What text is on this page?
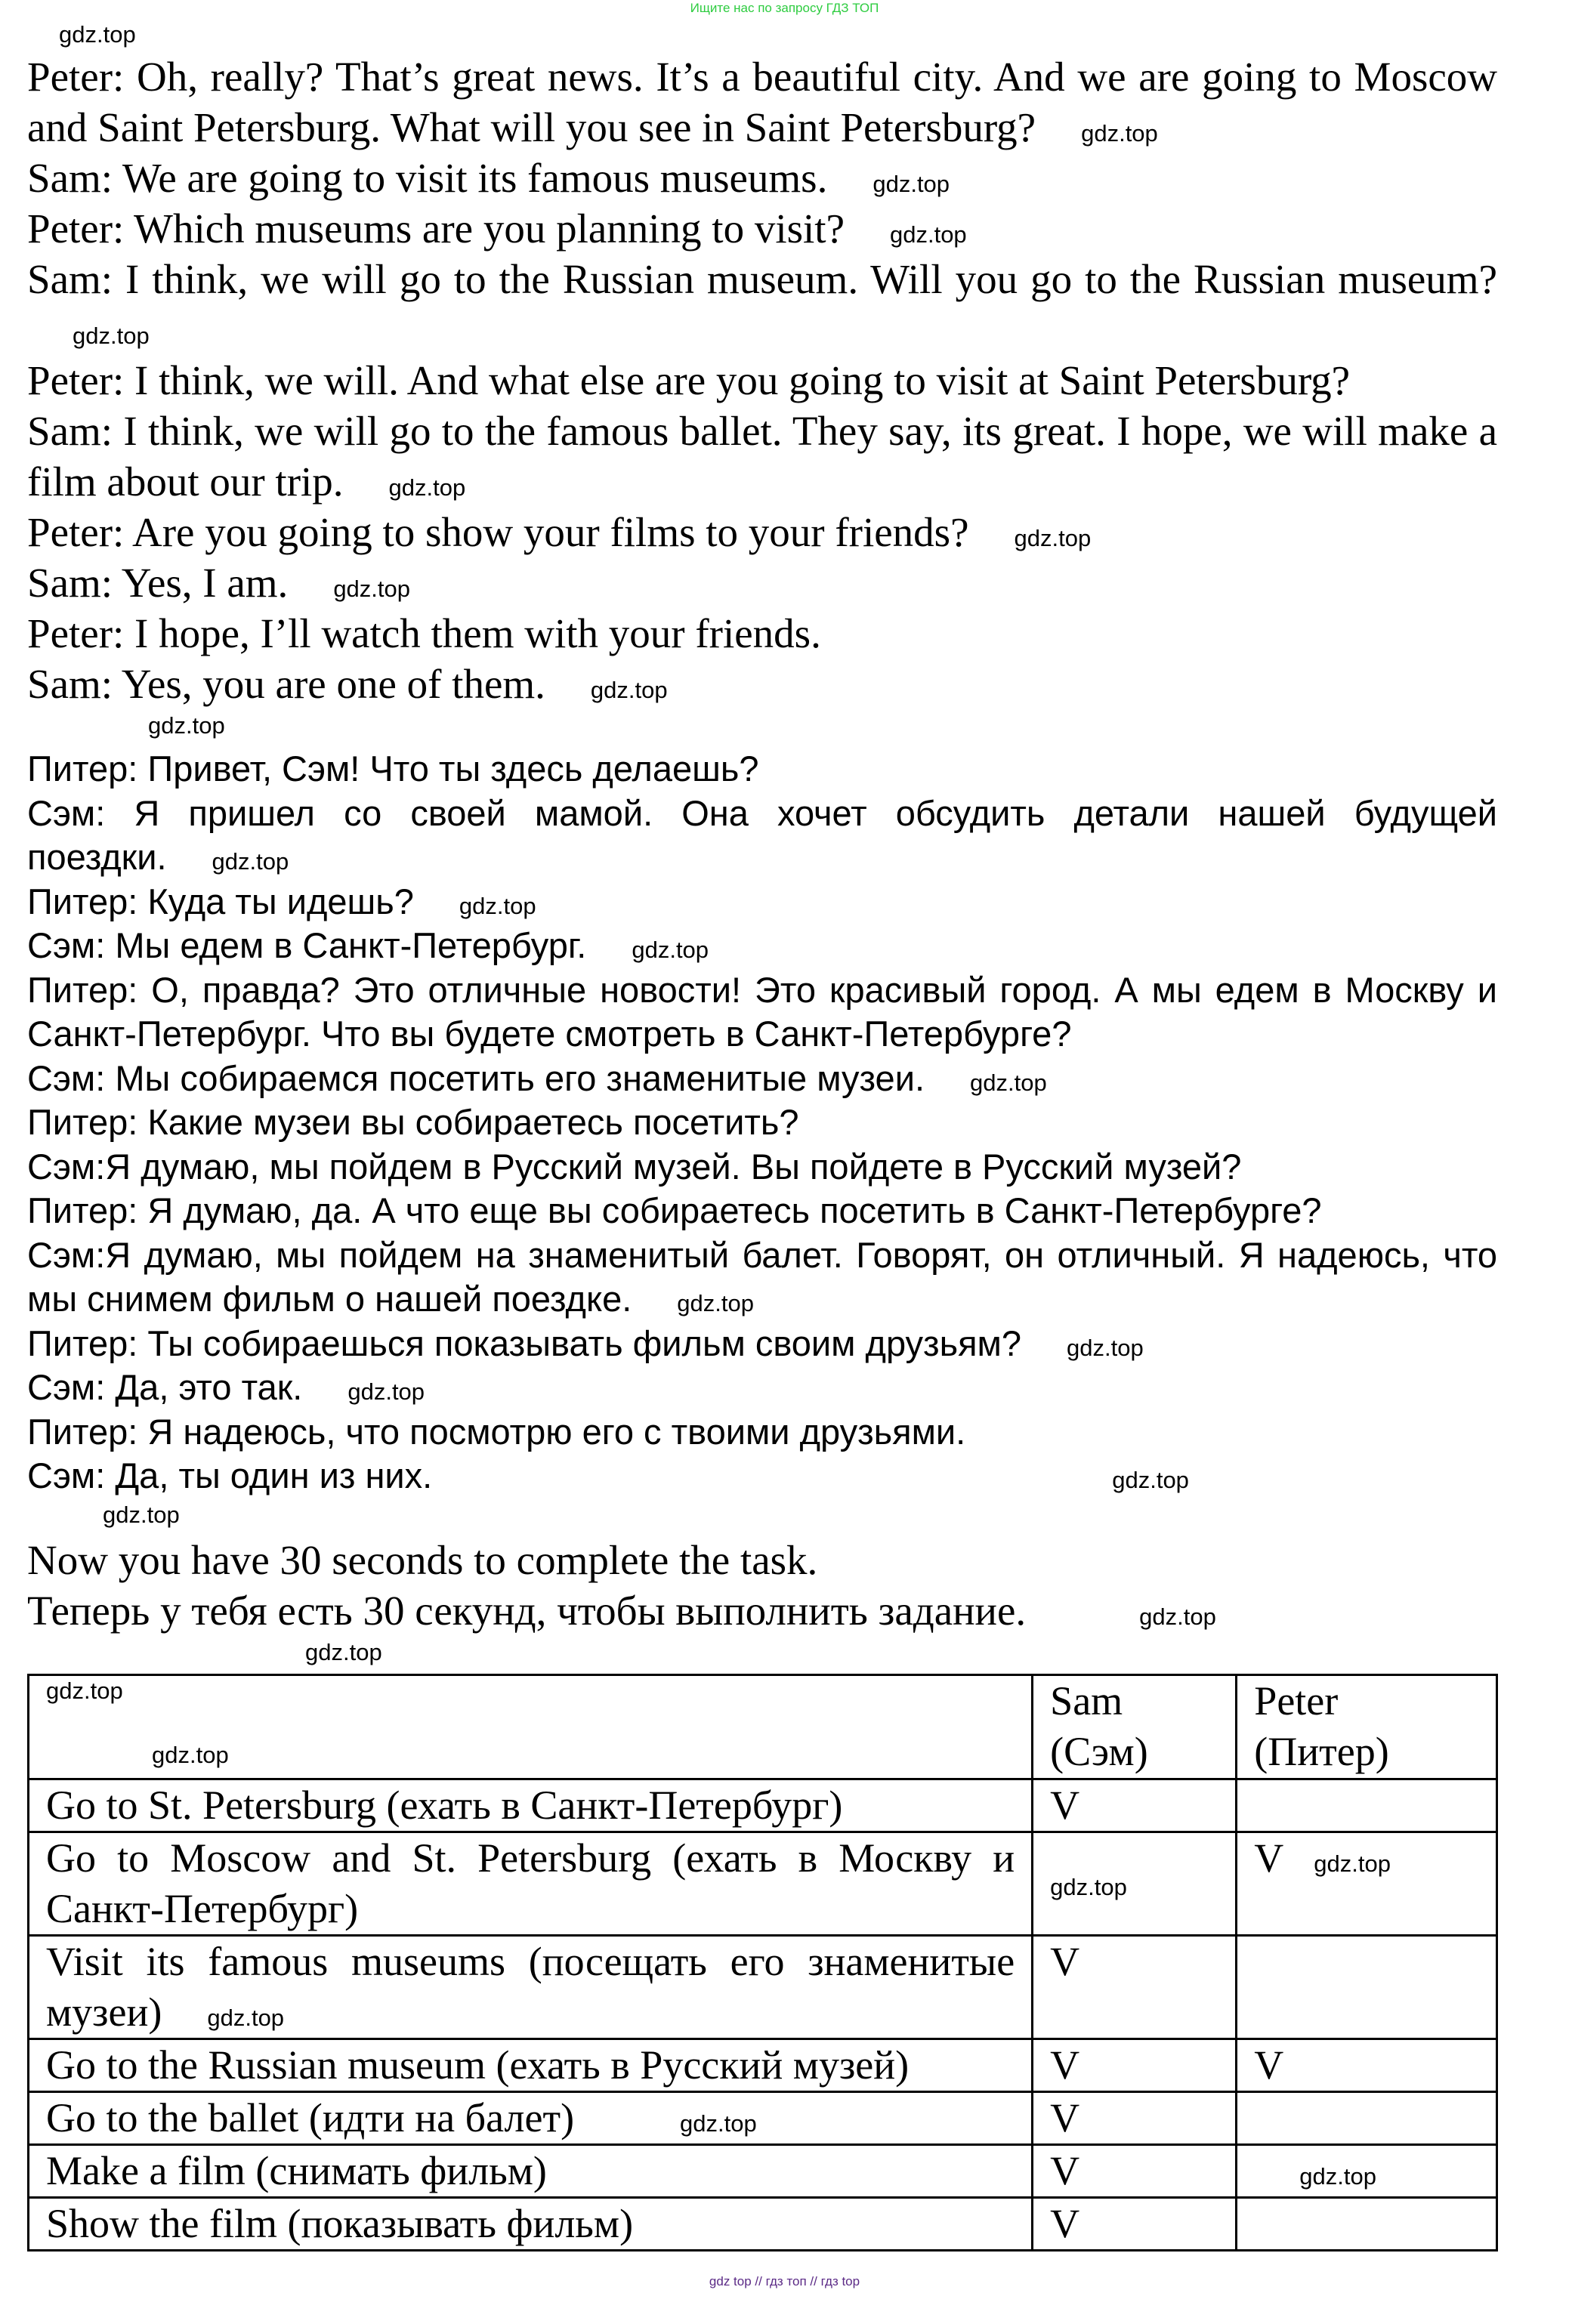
Ищите нас по запросу ГДЗ ТОП
gdz.top

Peter: Oh, really? That’s great news. It’s a beautiful city. And we are going to Moscow and Saint Petersburg. What will you see in Saint Petersburg? gdz.top

Sam: We are going to visit its famous museums. gdz.top

Peter: Which museums are you planning to visit? gdz.top

Sam: I think, we will go to the Russian museum. Will you go to the Russian museum?gdz.top

Peter: I think, we will. And what else are you going to visit at Saint Petersburg?

Sam: I think, we will go to the famous ballet. They say, its great. I hope, we will make a film about our trip. gdz.top

Peter: Are you going to show your films to your friends? gdz.top

Sam: Yes, I am. gdz.top

Peter: I hope, I’ll watch them with your friends.

Sam: Yes, you are one of them. gdz.top

gdz.top

Питер: Привет, Сэм! Что ты здесь делаешь?

Сэм: Я пришел со своей мамой. Она хочет обсудить детали нашей будущей поездки. gdz.top

Питер: Куда ты идешь? gdz.top

Сэм: Мы едем в Санкт-Петербург. gdz.top

Питер: О, правда? Это отличные новости! Это красивый город. А мы едем в Москву и Санкт-Петербург. Что вы будете смотреть в Санкт-Петербурге?

Сэм: Мы собираемся посетить его знаменитые музеи. gdz.top

Питер: Какие музеи вы собираетесь посетить?

Сэм:Я думаю, мы пойдем в Русский музей. Вы пойдете в Русский музей?

Питер: Я думаю, да. А что еще вы собираетесь посетить в Санкт-Петербурге?

Сэм:Я думаю, мы пойдем на знаменитый балет. Говорят, он отличный. Я надеюсь, что мы снимем фильм о нашей поездке. gdz.top

Питер: Ты собираешься показывать фильм своим друзьям? gdz.top

Сэм: Да, это так. gdz.top

Питер: Я надеюсь, что посмотрю его с твоими друзьями.

Сэм: Да, ты один из них.	gdz.top

gdz.top

Now you have 30 seconds to complete the task.

Теперь у тебя есть 30 секунд, чтобы выполнить задание.	gdz.top

gdz.top
gdz.top
gdz.top	Sam (Сэм)	Peter (Питер)
Go to St. Petersburg (ехать в Санкт-Петербург)	V	
Go to Moscow and St. Petersburg (ехать в Москву и Санкт-Петербург)	gdz.top	V gdz.top
Visit its famous museums (посещать его знаменитые музеи) gdz.top	V	
Go to the Russian museum (ехать в Русский музей)	V	V
Go to the ballet (идти на балет) gdz.top	V	
Make a film (снимать фильм)	V	gdz.top
Show the film (показывать фильм)	V	
gdz top // гдз топ // гдз top
